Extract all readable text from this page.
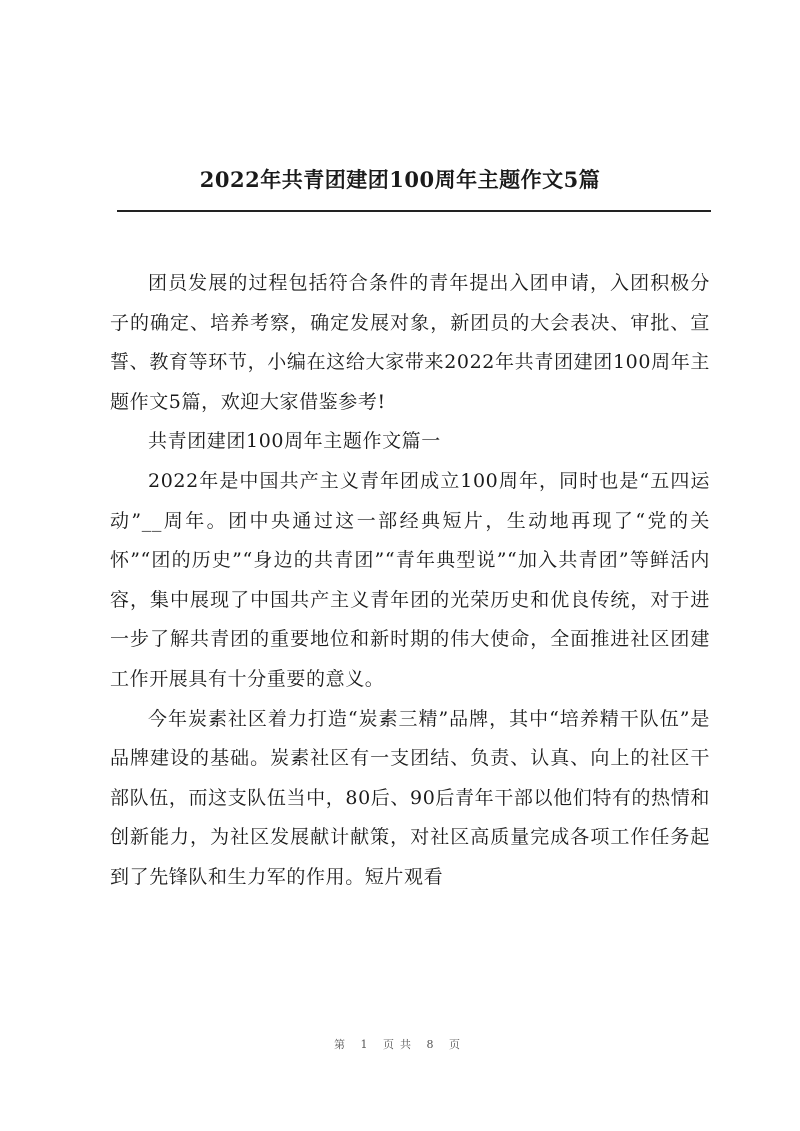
2022年共青团建团100周年主题作文5篇

团员发展的过程包括符合条件的青年提出入团申请，入团积极分子的确定、培养考察，确定发展对象，新团员的大会表决、审批、宣誓、教育等环节，小编在这给大家带来2022年共青团建团100周年主题作文5篇，欢迎大家借鉴参考!

共青团建团100周年主题作文篇一

2022年是中国共产主义青年团成立100周年，同时也是“五四运动”__周年。团中央通过这一部经典短片，生动地再现了“党的关怀”“团的历史”“身边的共青团”“青年典型说”“加入共青团”等鲜活内容，集中展现了中国共产主义青年团的光荣历史和优良传统，对于进一步了解共青团的重要地位和新时期的伟大使命，全面推进社区团建工作开展具有十分重要的意义。

今年炭素社区着力打造“炭素三精”品牌，其中“培养精干队伍”是品牌建设的基础。炭素社区有一支团结、负责、认真、向上的社区干部队伍，而这支队伍当中，80后、90后青年干部以他们特有的热情和创新能力，为社区发展献计献策，对社区高质量完成各项工作任务起到了先锋队和生力军的作用。短片观看

第 1 页共 8 页
